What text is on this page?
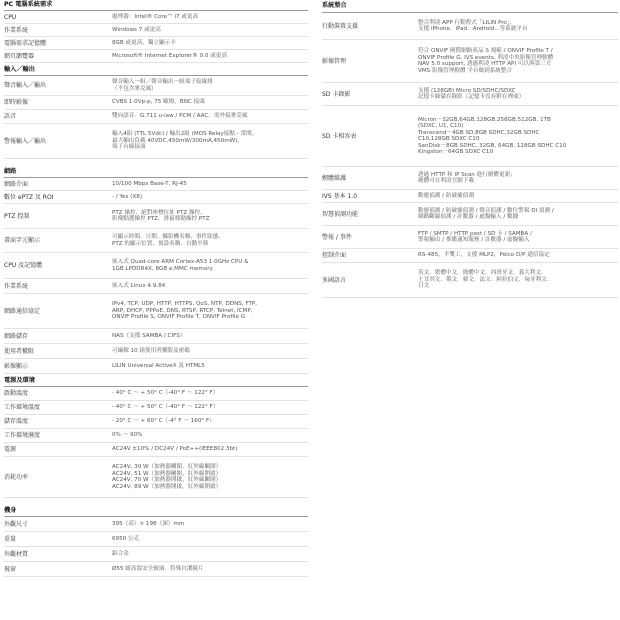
PC 電腦系統需求
CPU	處理器：Intel® Core™ i7 或更高
作業系統	Windows 7 或更高
電腦需求記憶體	8GB 或更高，獨立顯示卡
網頁瀏覽器	Microsoft® Internet Explorer® 9.0 或更高
輸入／輸出
聲音輸入／輸出	聲音輸入一組／聲音輸出一組端子接線排
（不包含麥克風）
即時影像	CVBS 1.0Vp-p, 75 歐姆，BNC 接頭
語音	雙向語音．G.711 u-law / PCM / AAC．需外接麥克風
警報輸入／輸出
輸入4組 (TTL 5Vdc) / 輸出2組 (MOS Relay接點 - 常開，
最大輸出負載 40VDC,450mW/300mA,450mW)，
端子台線接頭
網路
網路介面	10/100 Mbps Base-T, RJ-45
數位 ePTZ 及 ROI	- / Yes (X8)
PTZ 控制	PTZ 操控、絕對座標位址 PTZ 操控、
影像點選操控 PTZ、滑鼠移動操控 PTZ
畫面字元顯示	可顯示時間、日期、攝影機名稱、事件狀態、
PTZ 的顯示位置、預設名稱、自動平移
CPU 及記憶體	嵌入式 Quad-core ARM Cortex-A53 1.0GHz CPU &
1GB LPDDR4X, 8GB e.MMC memory
作業系統	嵌入式 Linux 4.9.84
網路通信協定
IPv4, TCP, UDP, HTTP, HTTPS, QoS, NTP, DDNS, FTP,
ARP, DHCP, PPPoE, DNS, RTSP, RTCP, Telnet, ICMP,
ONVIF Profile S, ONVIF Profile T, ONVIF Profile G
網路儲存	NAS（支援 SAMBA / CIFS）
使用者權限	可編輯 10 組使用者權限及密碼
影像顯示	LILIN Universal ActiveX 及 HTML5
電源及環境
啟動溫度	- 40° C ～ + 50° C（-40° F ～ 122° F）
工作環境溫度	- 40° C ～ + 50° C（-40° F ～ 122° F）
儲存溫度	- 20° C ～ + 60° C（-4° F ～ 160° F）
工作環境濕度	0% ～ 90%
電源	AC24V ±10% / DC24V / PoE++(IEEE802.3bt)
消耗功率
AC24V, 30 W（加熱器關閉，紅外線關閉）
AC24V, 51 W（加熱器關閉，紅外線開啟）
AC24V, 70 W（加熱器開啟，紅外線關閉）
AC24V, 89 W（加熱器開啟，紅外線開啟）
機身
外觀尺寸	395（高）× 198（深）mm
重量	6950 公克
外觀材質	鋁合金
視窗	Ø55 耐高溫安全玻璃．特殊自潔鏡片
系統整合
行動裝置支援	整合利凌 APP 行動程式「LILIN Pro」，
支援 iPhone．iPad．Android...等系統平台
影像管理
符合 ONVIF 國際網路產品 S 規範 / ONVIF Profile T /
ONVIF Profile G, IVS events, 利凌中央影像管理軟體
NAV 5.0 support, 透過利凌 HTTP API 可以與第三方
VMS 影像管理軟體 平台做到系統整合
SD 卡錄影	支援 (128GB) Micro SD/SDHC/SDXC
記憶卡錄儲存錄影（記憶卡沒有附在裡面）
SD 卡相容表
Micron－32GB,64GB,128GB,256GB,512GB, 1TB
(SDXC, U1, C10)
Transcend－4GB SD,8GB SDHC,32GB SDHC
C10,128GB SDXC C10
SanDisk－8GB SDHC, 32GB, 64GB, 128GB SDHC C10
Kingston－64GB SDXC C10
韌體維護	透過 HTTP 和 IP Scan 進行韌體更新；
韌體可在利凌官網下載
IVS 基本 1.0	動態偵測 / 防破壞偵測
智慧偵測功能	動態偵測 / 防破壞偵測 / 聲音偵測 / 數位警報 DI 偵測 /
網路斷線偵測 / 計數器 / 虛擬輸入 / 數據
警報 / 事件	FTP / SMTP / HTTP post / SD 卡 / SAMBA /
警報輸出 / 推播通知服務 / 計數器 / 虛擬輸入
控制介面	RS-485，半雙工，支援 MLP2，Pelco D/P 通信協定
多國語言
英文．繁體中文．簡體中文．西班牙文．義大利文．
土耳其文．俄文．韓文．法文．阿拉伯文．匈牙利文．
日文
